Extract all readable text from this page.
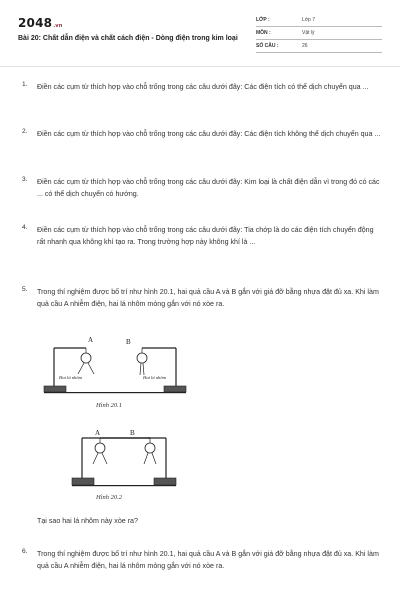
2048.vn
Bài 20: Chất dẫn điện và chất cách điện - Dòng điện trong kim loại
LỚP :	Lớp 7
MÔN :	Vật lý
SỐ CÂU :	26
1. Điền các cụm từ thích hợp vào chỗ trống trong các câu dưới đây: Các điện tích có thể dịch chuyển qua ...
2. Điền các cụm từ thích hợp vào chỗ trống trong các câu dưới đây: Các điện tích không thể dịch chuyển qua ...
3. Điền các cụm từ thích hợp vào chỗ trống trong các câu dưới đây: Kim loại là chất điện dẫn vì trong đó có các ... có thể dịch chuyển có hướng.
4. Điền các cụm từ thích hợp vào chỗ trống trong các câu dưới đây: Tia chớp là do các điện tích chuyển động rất nhanh qua không khí tạo ra. Trong trường hợp này không khí là ...
5. Trong thí nghiệm được bố trí như hình 20.1, hai quả cầu A và B gắn với giá đỡ bằng nhựa đặt đủ xa. Khi làm quả cầu A nhiễm điện, hai lá nhôm mỏng gắn với nó xòe ra.
A	B
Hai lá nhôm	Hai lá nhôm
Hình 20.1
A	B
Hình 20.2
Tại sao hai lá nhôm này xòe ra?
6. Trong thí nghiệm được bố trí như hình 20.1, hai quả cầu A và B gắn với giá đỡ bằng nhựa đặt đủ xa. Khi làm quả cầu A nhiễm điện, hai lá nhôm mỏng gắn với nó xòe ra.
